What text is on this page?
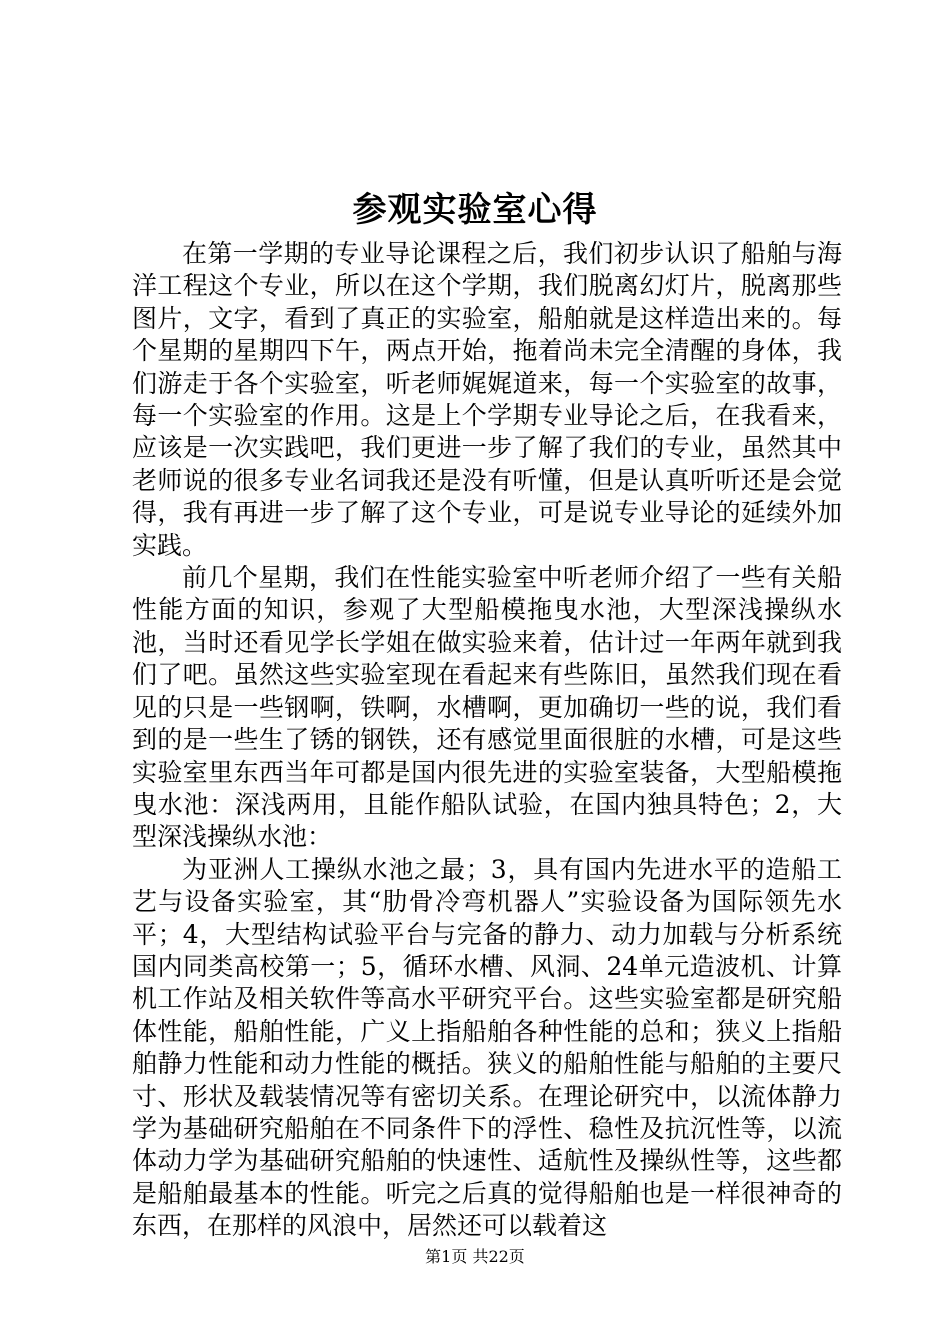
参观实验室心得

在第一学期的专业导论课程之后，我们初步认识了船舶与海洋工程这个专业，所以在这个学期，我们脱离幻灯片，脱离那些图片，文字，看到了真正的实验室，船舶就是这样造出来的。每个星期的星期四下午，两点开始，拖着尚未完全清醒的身体，我们游走于各个实验室，听老师娓娓道来，每一个实验室的故事，每一个实验室的作用。这是上个学期专业导论之后，在我看来，应该是一次实践吧，我们更进一步了解了我们的专业，虽然其中老师说的很多专业名词我还是没有听懂，但是认真听听还是会觉得，我有再进一步了解了这个专业，可是说专业导论的延续外加实践。

前几个星期，我们在性能实验室中听老师介绍了一些有关船性能方面的知识，参观了大型船模拖曳水池，大型深浅操纵水池，当时还看见学长学姐在做实验来着，估计过一年两年就到我们了吧。虽然这些实验室现在看起来有些陈旧，虽然我们现在看见的只是一些钢啊，铁啊，水槽啊，更加确切一些的说，我们看到的是一些生了锈的钢铁，还有感觉里面很脏的水槽，可是这些实验室里东西当年可都是国内很先进的实验室装备，大型船模拖曳水池：深浅两用，且能作船队试验，在国内独具特色；2，大型深浅操纵水池：

为亚洲人工操纵水池之最；3，具有国内先进水平的造船工艺与设备实验室，其“肋骨冷弯机器人”实验设备为国际领先水平；4，大型结构试验平台与完备的静力、动力加载与分析系统国内同类高校第一；5，循环水槽、风洞、24单元造波机、计算机工作站及相关软件等高水平研究平台。这些实验室都是研究船体性能，船舶性能，广义上指船舶各种性能的总和；狭义上指船舶静力性能和动力性能的概括。狭义的船舶性能与船舶的主要尺寸、形状及载装情况等有密切关系。在理论研究中，以流体静力学为基础研究船舶在不同条件下的浮性、稳性及抗沉性等，以流体动力学为基础研究船舶的快速性、适航性及操纵性等，这些都是船舶最基本的性能。听完之后真的觉得船舶也是一样很神奇的东西，在那样的风浪中，居然还可以载着这

第1页 共22页
